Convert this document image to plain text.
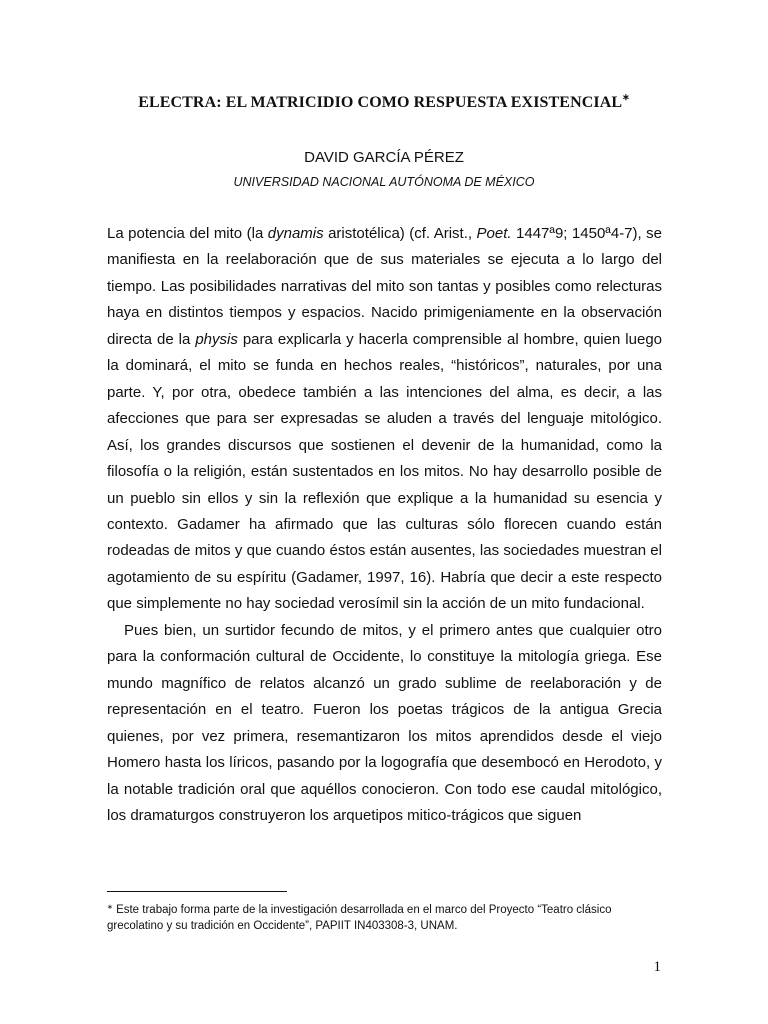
ELECTRA: EL MATRICIDIO COMO RESPUESTA EXISTENCIAL∗
DAVID GARCÍA PÉREZ
UNIVERSIDAD NACIONAL AUTÓNOMA DE MÉXICO

La potencia del mito (la dynamis aristotélica) (cf. Arist., Poet. 1447ª9; 1450ª4-7), se manifiesta en la reelaboración que de sus materiales se ejecuta a lo largo del tiempo. Las posibilidades narrativas del mito son tantas y posibles como relecturas haya en distintos tiempos y espacios. Nacido primigeniamente en la observación directa de la physis para explicarla y hacerla comprensible al hombre, quien luego la dominará, el mito se funda en hechos reales, “históricos”, naturales, por una parte. Y, por otra, obedece también a las intenciones del alma, es decir, a las afecciones que para ser expresadas se aluden a través del lenguaje mitológico. Así, los grandes discursos que sostienen el devenir de la humanidad, como la filosofía o la religión, están sustentados en los mitos. No hay desarrollo posible de un pueblo sin ellos y sin la reflexión que explique a la humanidad su esencia y contexto. Gadamer ha afirmado que las culturas sólo florecen cuando están rodeadas de mitos y que cuando éstos están ausentes, las sociedades muestran el agotamiento de su espíritu (Gadamer, 1997, 16). Habría que decir a este respecto que simplemente no hay sociedad verosímil sin la acción de un mito fundacional.

Pues bien, un surtidor fecundo de mitos, y el primero antes que cualquier otro para la conformación cultural de Occidente, lo constituye la mitología griega. Ese mundo magnífico de relatos alcanzó un grado sublime de reelaboración y de representación en el teatro. Fueron los poetas trágicos de la antigua Grecia quienes, por vez primera, resemantizaron los mitos aprendidos desde el viejo Homero hasta los líricos, pasando por la logografía que desembocó en Herodoto, y la notable tradición oral que aquéllos conocieron. Con todo ese caudal mitológico, los dramaturgos construyeron los arquetipos mitico-trágicos que siguen

∗ Este trabajo forma parte de la investigación desarrollada en el marco del Proyecto “Teatro clásico grecolatino y su tradición en Occidente”, PAPIIT IN403308-3, UNAM.
1
